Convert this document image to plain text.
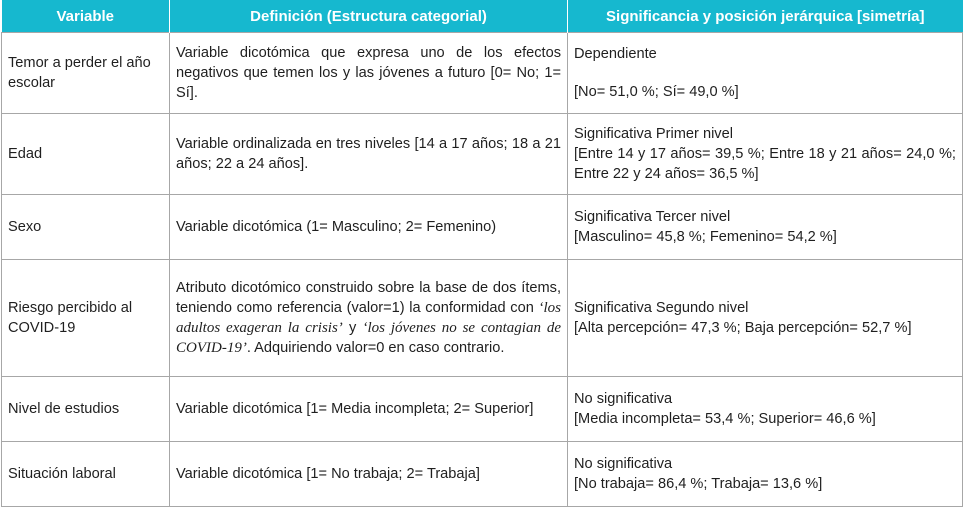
Variable	Definición (Estructura categorial)	Significancia y posición jerárquica [simetría]
Temor a perder el año escolar	Variable dicotómica que expresa uno de los efectos negativos que temen los y las jóvenes a futuro [0= No; 1= Sí].	Dependiente
[No= 51,0 %; Sí= 49,0 %]

Edad	Variable ordinalizada en tres niveles [14 a 17 años; 18 a 21 años; 22 a 24 años].	Significativa Primer nivel
[Entre 14 y 17 años= 39,5 %; Entre 18 y 21 años= 24,0 %; Entre 22 y 24 años= 36,5 %]

Sexo	Variable dicotómica (1= Masculino; 2= Femenino)	Significativa Tercer nivel
[Masculino= 45,8 %; Femenino= 54,2 %]

Riesgo percibido al COVID-19	Atributo dicotómico construido sobre la base de dos ítems, teniendo como referencia (valor=1) la conformidad con ‘los adultos exageran la crisis’ y ‘los jóvenes no se contagian de COVID-19’. Adquiriendo valor=0 en caso contrario.	Significativa Segundo nivel
[Alta percepción= 47,3 %; Baja percepción= 52,7 %]

Nivel de estudios	Variable dicotómica [1= Media incompleta; 2= Superior]	No significativa
[Media incompleta= 53,4 %; Superior= 46,6 %]

Situación laboral	Variable dicotómica [1= No trabaja; 2= Trabaja]	No significativa
[No trabaja= 86,4 %; Trabaja= 13,6 %]
